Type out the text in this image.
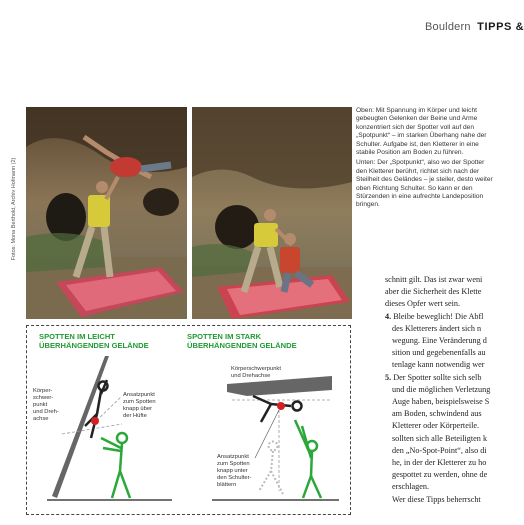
Bouldern TIPPS &
Fotos: Mona Berthold, Archiv Hofmann (2)

Oben: Mit Spannung im Körper und leicht gebeugten Gelenken der Beine und Arme konzentriert sich der Spotter voll auf den „Spotpunkt“ – im starken Überhang nahe der Schulter. Aufgabe ist, den Kletterer in eine stabile Position am Boden zu führen.

Unten: Der „Spotpunkt“, also wo der Spotter den Kletterer berührt, richtet sich nach der Steilheit des Geländes – je steiler, desto weiter oben Richtung Schulter. So kann er den Stürzenden in eine aufrechte Landeposition bringen.

SPOTTEN IM LEICHT
ÜBERHÄNGENDEN GELÄNDE
SPOTTEN IM STARK
ÜBERHÄNGENDEN GELÄNDE
Körper-
schwer-
punkt
und Dreh-
achse
Ansatzpunkt
zum Spotten
knapp über
der Hüfte
Körperschwerpunkt
und Drehachse
Ansatzpunkt
zum Spotten
knapp unter
den Schulter-
blättern

schnitt gilt. Das ist zwar weni

aber die Sicherheit des Klette

dieses Opfer wert sein.

4. Bleibe beweglich! Die Abfl

des Kletterers ändert sich n

wegung. Eine Veränderung d

sition und gegebenenfalls au

tenlage kann notwendig wer

5. Der Spotter sollte sich selb

und die möglichen Verletzung

Auge haben, beispielsweise S

am Boden, schwindend aus

Kletterer oder Körperteile.

sollten sich alle Beteiligten k

den „No-Spot-Point“, also di

he, in der der Kletterer zu ho

gespottet zu werden, ohne de

erschlagen.

Wer diese Tipps beherrscht
